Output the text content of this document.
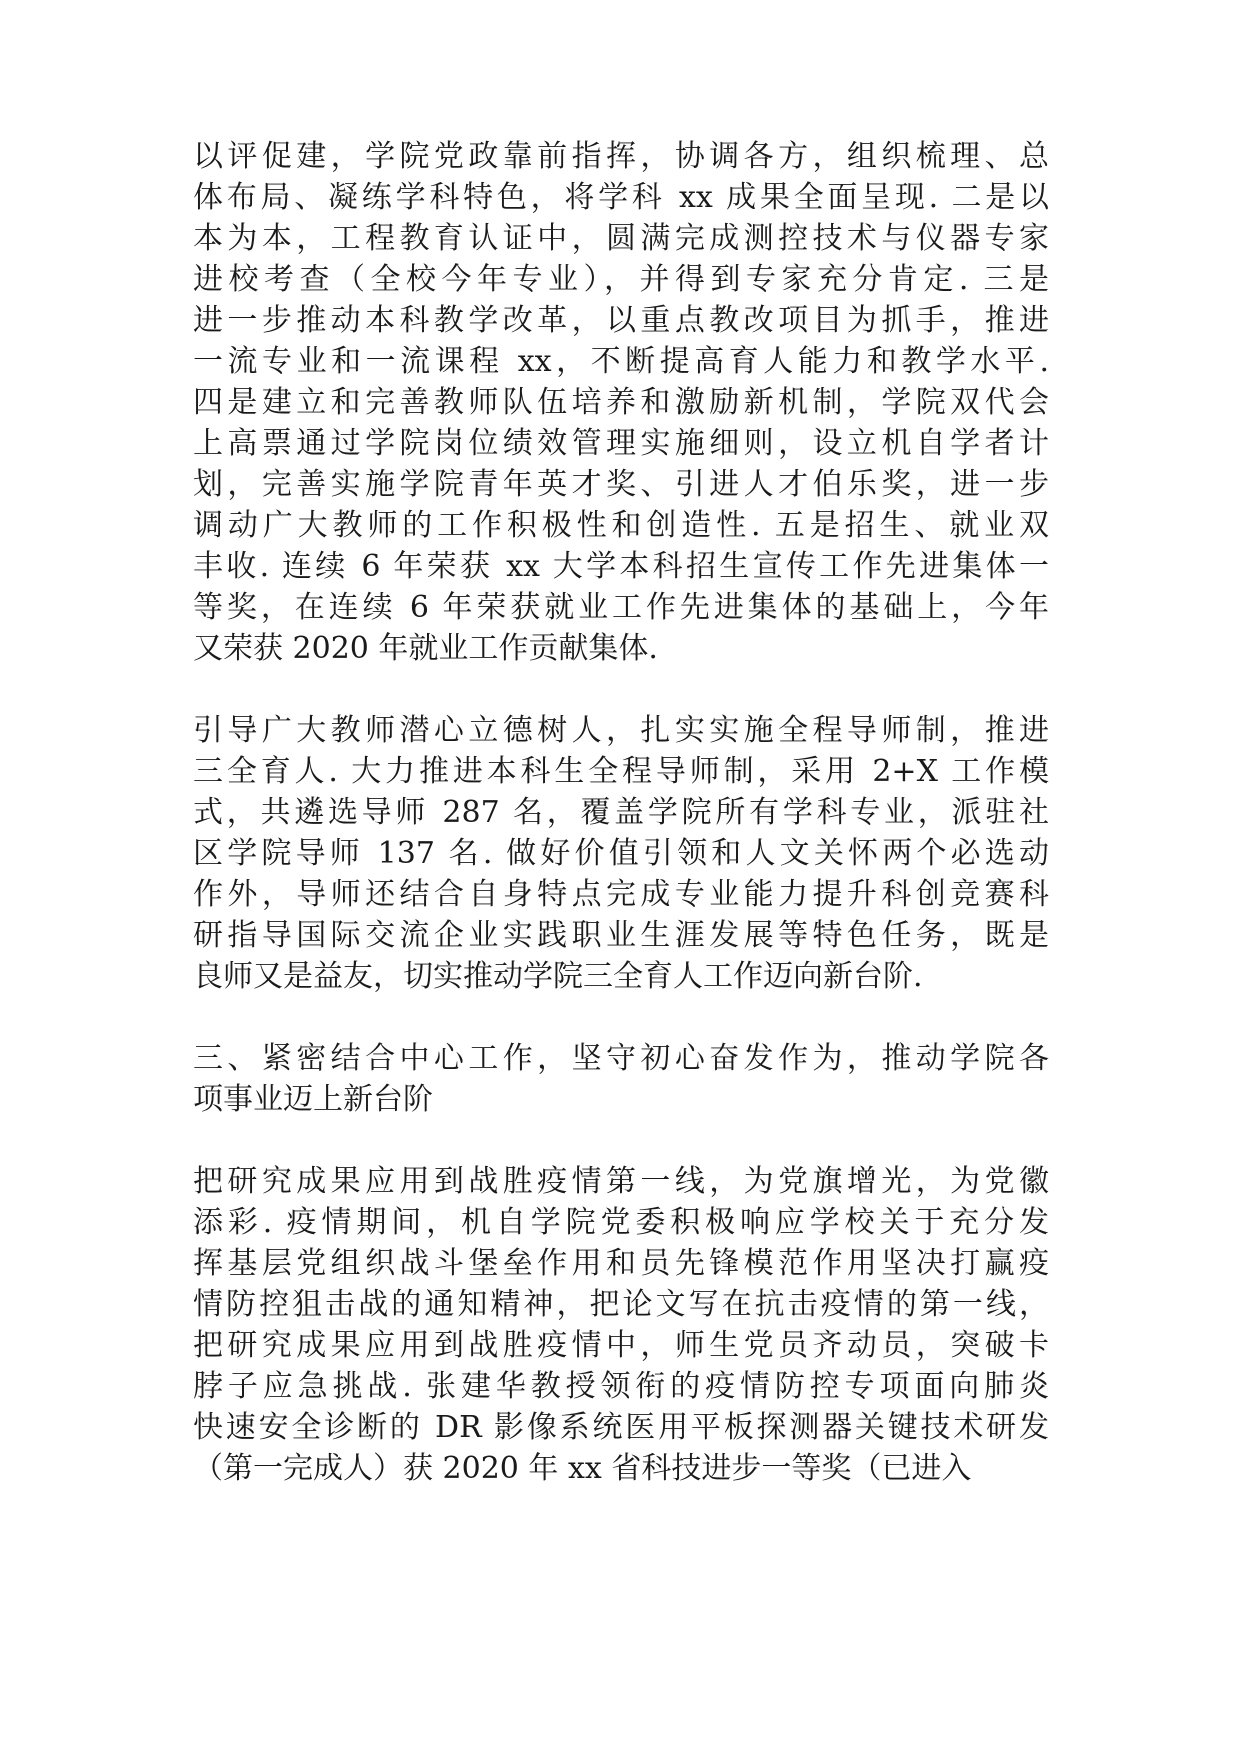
以评促建，学院党政靠前指挥，协调各方，组织梳理、总
体布局、凝练学科特色，将学科 xx 成果全面呈现. 二是以
本为本，工程教育认证中，圆满完成测控技术与仪器专家
进校考查（全校今年专业），并得到专家充分肯定. 三是
进一步推动本科教学改革，以重点教改项目为抓手，推进
一流专业和一流课程 xx，不断提高育人能力和教学水平.
四是建立和完善教师队伍培养和激励新机制，学院双代会
上高票通过学院岗位绩效管理实施细则，设立机自学者计
划，完善实施学院青年英才奖、引进人才伯乐奖，进一步
调动广大教师的工作积极性和创造性. 五是招生、就业双
丰收. 连续 6 年荣获 xx 大学本科招生宣传工作先进集体一
等奖，在连续 6 年荣获就业工作先进集体的基础上，今年
又荣获 2020 年就业工作贡献集体.
引导广大教师潜心立德树人，扎实实施全程导师制，推进
三全育人. 大力推进本科生全程导师制，采用 2+X 工作模
式，共遴选导师 287 名，覆盖学院所有学科专业，派驻社
区学院导师 137 名. 做好价值引领和人文关怀两个必选动
作外，导师还结合自身特点完成专业能力提升科创竞赛科
研指导国际交流企业实践职业生涯发展等特色任务，既是
良师又是益友，切实推动学院三全育人工作迈向新台阶.
三、紧密结合中心工作，坚守初心奋发作为，推动学院各
项事业迈上新台阶
把研究成果应用到战胜疫情第一线，为党旗增光，为党徽
添彩. 疫情期间，机自学院党委积极响应学校关于充分发
挥基层党组织战斗堡垒作用和员先锋模范作用坚决打赢疫
情防控狙击战的通知精神，把论文写在抗击疫情的第一线，
把研究成果应用到战胜疫情中，师生党员齐动员，突破卡
脖子应急挑战. 张建华教授领衔的疫情防控专项面向肺炎
快速安全诊断的 DR 影像系统医用平板探测器关键技术研发
（第一完成人）获 2020 年 xx 省科技进步一等奖（已进入
